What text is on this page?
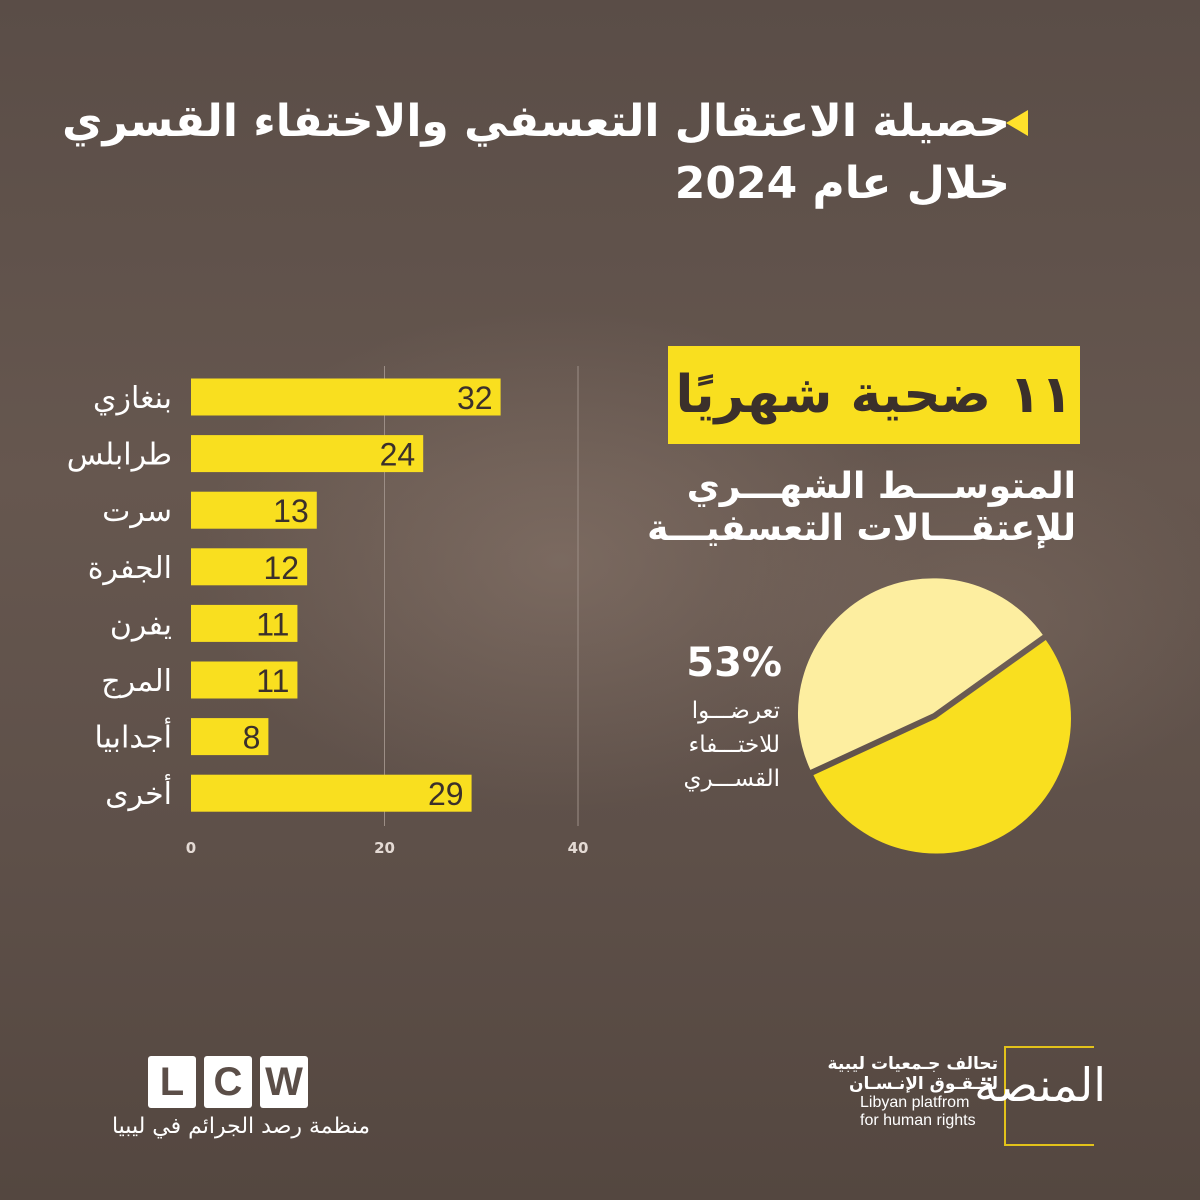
حصيلة الاعتقال التعسفي والاختفاء القسري
خلال عام 2024
0	20	40
32
بنغازي
24
طرابلس
13
سرت
12
الجفرة
11
يفرن
11
المرج
8
أجدابيا
29
أخرى
١١ ضحية شهريًا
المتوســـط الشهـــري
للإعتقـــالات التعسفيـــة
53%
تعرضـــوا
للاختـــفاء
القســـري
L C W
منظمة رصد الجرائم في ليبيا
تحالف جـمعيات ليبية
لحـقـوق الإنـسـان
Libyan platfrom
for human rights
المنصة
